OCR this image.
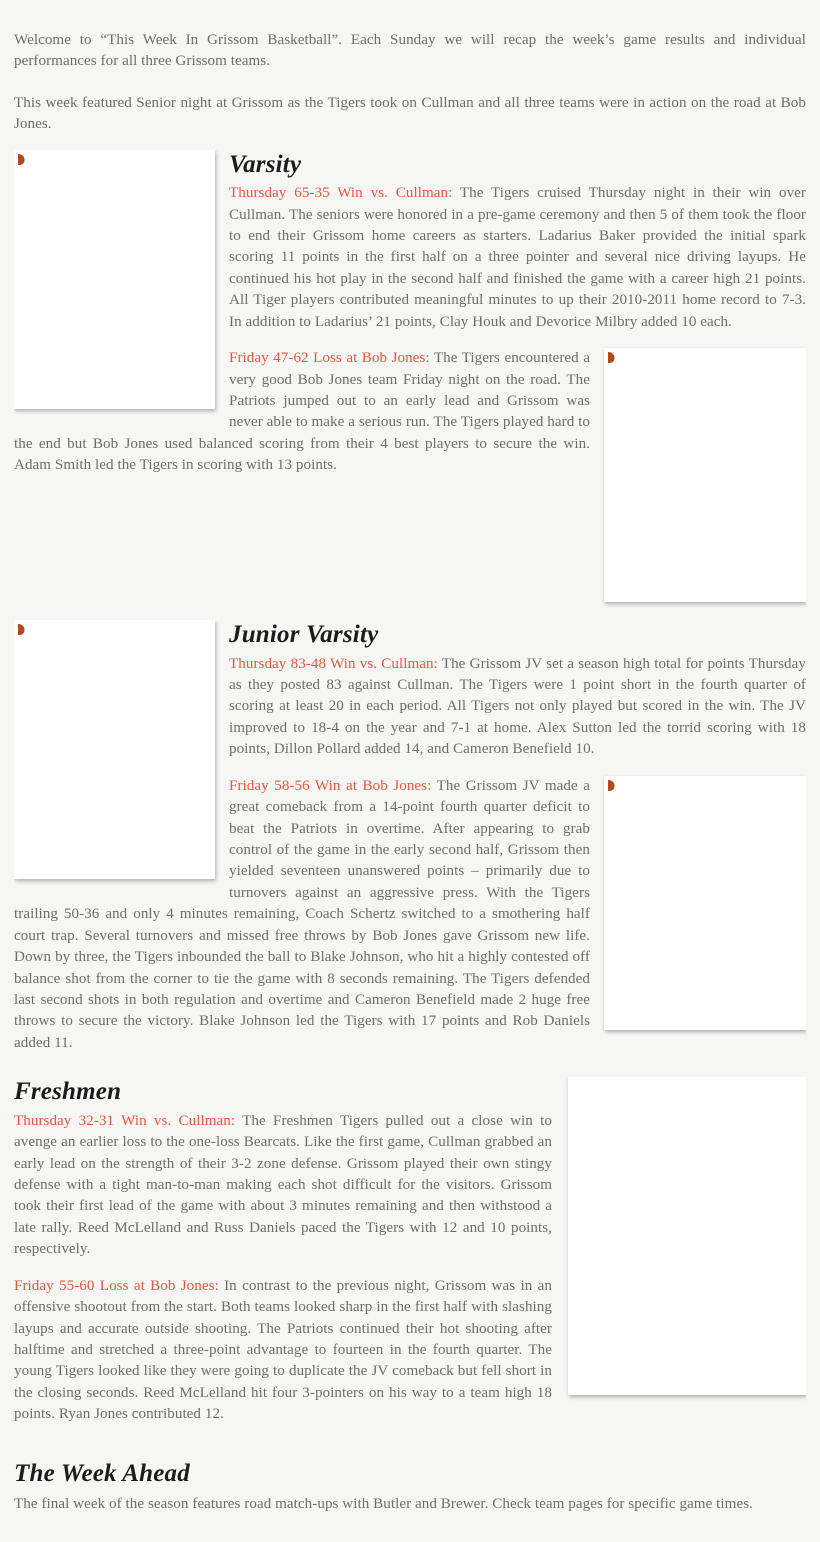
Welcome to “This Week In Grissom Basketball”. Each Sunday we will recap the week’s game results and individual performances for all three Grissom teams.

This week featured Senior night at Grissom as the Tigers took on Cullman and all three teams were in action on the road at Bob Jones.

Varsity

Thursday 65-35 Win vs. Cullman: The Tigers cruised Thursday night in their win over Cullman. The seniors were honored in a pre-game ceremony and then 5 of them took the floor to end their Grissom home careers as starters. Ladarius Baker provided the initial spark scoring 11 points in the first half on a three pointer and several nice driving layups. He continued his hot play in the second half and finished the game with a career high 21 points. All Tiger players contributed meaningful minutes to up their 2010-2011 home record to 7-3. In addition to Ladarius’ 21 points, Clay Houk and Devorice Milbry added 10 each.

Friday 47-62 Loss at Bob Jones: The Tigers encountered a very good Bob Jones team Friday night on the road. The Patriots jumped out to an early lead and Grissom was never able to make a serious run. The Tigers played hard to the end but Bob Jones used balanced scoring from their 4 best players to secure the win. Adam Smith led the Tigers in scoring with 13 points.

Junior Varsity

Thursday 83-48 Win vs. Cullman: The Grissom JV set a season high total for points Thursday as they posted 83 against Cullman. The Tigers were 1 point short in the fourth quarter of scoring at least 20 in each period. All Tigers not only played but scored in the win. The JV improved to 18-4 on the year and 7-1 at home. Alex Sutton led the torrid scoring with 18 points, Dillon Pollard added 14, and Cameron Benefield 10.

Friday 58-56 Win at Bob Jones: The Grissom JV made a great comeback from a 14-point fourth quarter deficit to beat the Patriots in overtime. After appearing to grab control of the game in the early second half, Grissom then yielded seventeen unanswered points – primarily due to turnovers against an aggressive press. With the Tigers trailing 50-36 and only 4 minutes remaining, Coach Schertz switched to a smothering half court trap. Several turnovers and missed free throws by Bob Jones gave Grissom new life. Down by three, the Tigers inbounded the ball to Blake Johnson, who hit a highly contested off balance shot from the corner to tie the game with 8 seconds remaining. The Tigers defended last second shots in both regulation and overtime and Cameron Benefield made 2 huge free throws to secure the victory. Blake Johnson led the Tigers with 17 points and Rob Daniels added 11.

Freshmen

Thursday 32-31 Win vs. Cullman: The Freshmen Tigers pulled out a close win to avenge an earlier loss to the one-loss Bearcats. Like the first game, Cullman grabbed an early lead on the strength of their 3-2 zone defense. Grissom played their own stingy defense with a tight man-to-man making each shot difficult for the visitors. Grissom took their first lead of the game with about 3 minutes remaining and then withstood a late rally. Reed McLelland and Russ Daniels paced the Tigers with 12 and 10 points, respectively.

Friday 55-60 Loss at Bob Jones: In contrast to the previous night, Grissom was in an offensive shootout from the start. Both teams looked sharp in the first half with slashing layups and accurate outside shooting. The Patriots continued their hot shooting after halftime and stretched a three-point advantage to fourteen in the fourth quarter. The young Tigers looked like they were going to duplicate the JV comeback but fell short in the closing seconds. Reed McLelland hit four 3-pointers on his way to a team high 18 points. Ryan Jones contributed 12.

The Week Ahead

The final week of the season features road match-ups with Butler and Brewer. Check team pages for specific game times.
